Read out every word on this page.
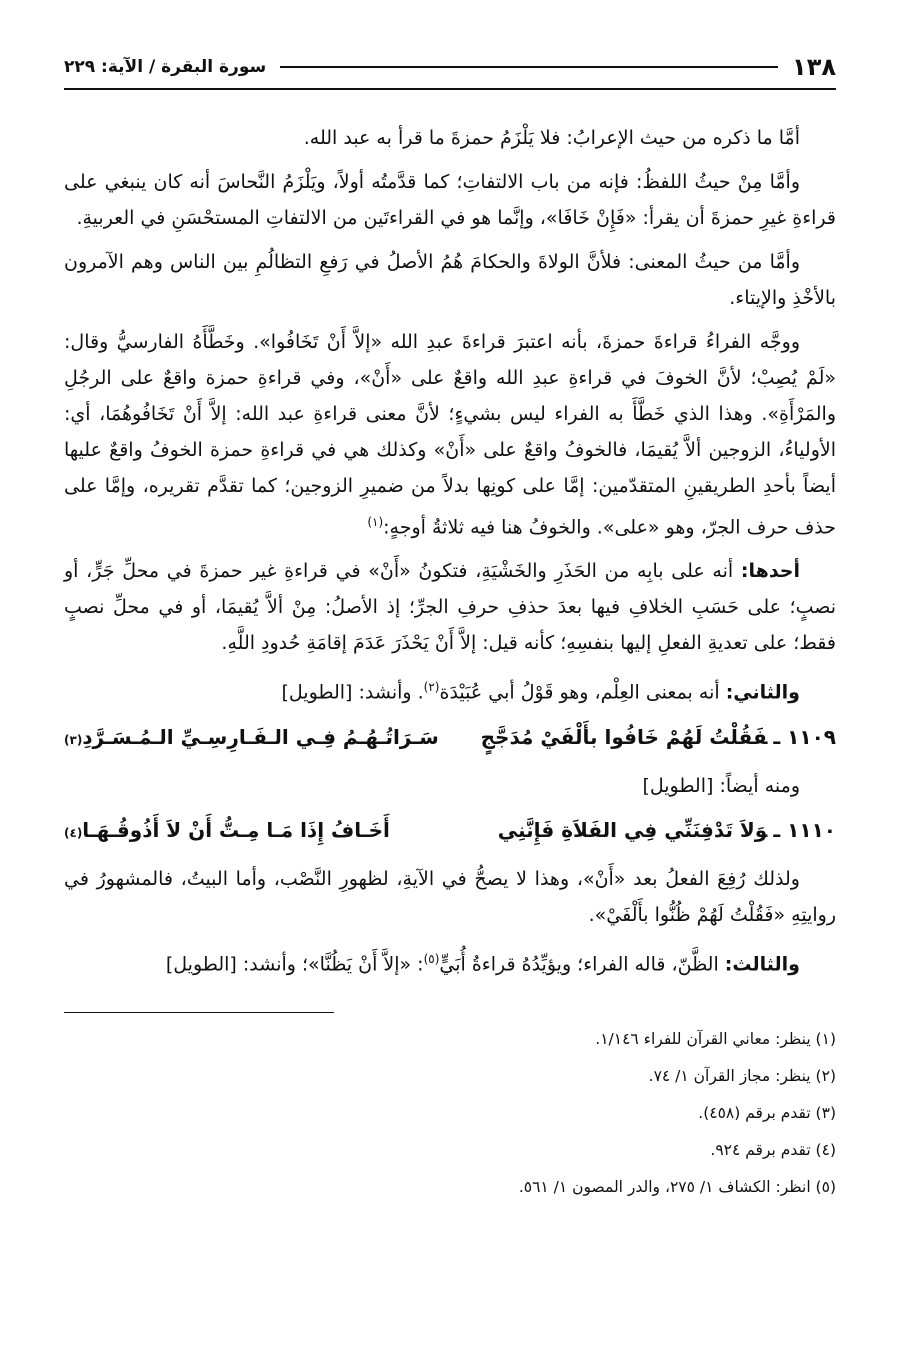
١٣٨
سورة البقرة / الآية: ٢٢٩

أمَّا ما ذكره من حيث الإعرابُ: فلا يَلْزَمُ حمزةَ ما قرأ به عبد الله.

وأمَّا مِنْ حيثُ اللفظُ: فإنه من باب الالتفاتِ؛ كما قدَّمتُه أولاً، ويَلْزَمُ النَّحاسَ أنه كان ينبغي على قراءةِ غيرِ حمزةَ أن يقرأ: «فَإِنْ خَافَا»، وإنَّما هو في القراءتَين من الالتفاتِ المستحْسَنِ في العربيةِ.

وأمَّا من حيثُ المعنى: فلأنَّ الولاةَ والحكامَ هُمُ الأصلُ في رَفعِ التظالُمِ بين الناس وهم الآمرون بالأخْذِ والإيتاء.

ووجَّه الفراءُ قراءةَ حمزةَ، بأنه اعتبرَ قراءةَ عبدِ الله «إلاَّ أَنْ تَخَافُوا». وخَطَّأَهُ الفارسيُّ وقال: «لَمْ يُصِبْ؛ لأنَّ الخوفَ في قراءةِ عبدِ الله واقعٌ على «أَنْ»، وفي قراءةِ حمزة واقعٌ على الرجُلِ والمَرْأَةِ». وهذا الذي خَطَّأَ به الفراء ليس بشيءٍ؛ لأنَّ معنى قراءةِ عبد الله: إلاَّ أَنْ تَخَافُوهُمَا، أي: الأولياءُ، الزوجين ألاَّ يُقيمَا، فالخوفُ واقعٌ على «أَنْ» وكذلك هي في قراءةِ حمزة الخوفُ واقعٌ عليها أيضاً بأحدِ الطريقينِ المتقدّمين: إمَّا على كونِها بدلاً من ضميرِ الزوجين؛ كما تقدَّم تقريره، وإمَّا على حذف حرف الجرّ، وهو «على». والخوفُ هنا فيه ثلاثةُ أوجهٍ:$^{(١)}$

أحدها: أنه على بابِه من الحَذَرِ والخَشْيَةِ، فتكونُ «أَنْ» في قراءةِ غير حمزةَ في محلِّ جَرٍّ، أو نصبٍ؛ على حَسَبِ الخلافِ فيها بعدَ حذفِ حرفِ الجرِّ؛ إذ الأصلُ: مِنْ ألاَّ يُقيمَا، أو في محلِّ نصبٍ فقط؛ على تعديةِ الفعلِ إليها بنفسِهِ؛ كأنه قيل: إلاَّ أَنْ يَحْذَرَ عَدَمَ إقامَةِ حُدودِ اللَّهِ.

والثاني: أنه بمعنى العِلْم، وهو قَوْلُ أبي عُبَيْدَة$^{(٢)}$. وأنشد: [الطويل]

١١٠٩ ـفَقُلْتُ لَهُمْ خَافُوا بأَلْفَيْ مُدَجَّجٍ
سَـرَاتُـهُـمُ فِـي الـفَـارِسِـيِّ الـمُـسَـرَّدِ
(٣)

ومنه أيضاً: [الطويل]

١١١٠ ـوَلاَ تَدْفِنَنِّي فِي الفَلاَةِ فَإِنَّنِي
أَخَـافُ إِذَا مَـا مِـتُّ أَنْ لاَ أَذُوقُـهَـا
(٤)

ولذلك رُفِعَ الفعلُ بعد «أَنْ»، وهذا لا يصحُّ في الآيةِ، لظهورِ النَّصْب، وأما البيتُ، فالمشهورُ في روايتِهِ «فَقُلْتُ لَهُمْ ظُنُّوا بأَلْفَيْ».

والثالث: الظَّنّ، قاله الفراء؛ ويؤيِّدُهُ قراءةُ أُبَيٍّ$^{(٥)}$: «إلاَّ أَنْ يَظُنَّا»؛ وأنشد: [الطويل]

(١) ينظر: معاني القرآن للفراء ١/١٤٦.
(٢) ينظر: مجاز القرآن ١/ ٧٤.
(٣) تقدم برقم (٤٥٨).
(٤) تقدم برقم ٩٢٤.
(٥) انظر: الكشاف ١/ ٢٧٥، والدر المصون ١/ ٥٦١.
